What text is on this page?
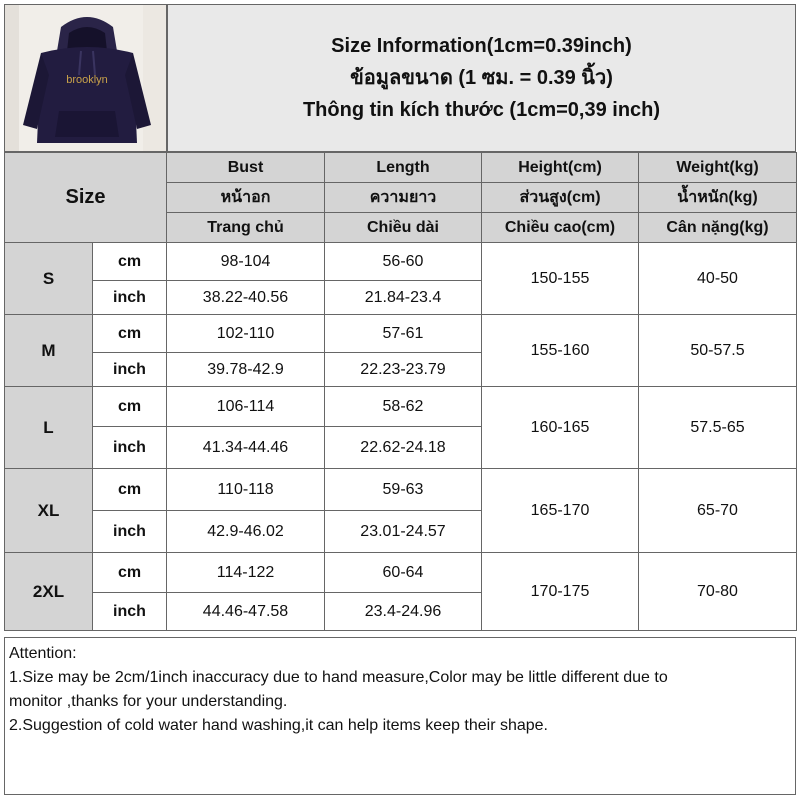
brooklyn
Size Information(1cm=0.39inch)
ข้อมูลขนาด (1 ซม. = 0.39 นิ้ว)
Thông tin kích thước (1cm=0,39 inch)
Size		Bust	Length	Height(cm)	Weight(kg)
		หน้าอก	ความยาว	ส่วนสูง(cm)	น้ำหนัก(kg)
		Trang chủ	Chiều dài	Chiều cao(cm)	Cân nặng(kg)
S	cm	98-104	56-60	150-155	40-50
	inch	38.22-40.56	21.84-23.4		
M	cm	102-110	57-61	155-160	50-57.5
	inch	39.78-42.9	22.23-23.79		
L	cm	106-114	58-62	160-165	57.5-65
	inch	41.34-44.46	22.62-24.18		
XL	cm	110-118	59-63	165-170	65-70
	inch	42.9-46.02	23.01-24.57		
2XL	cm	114-122	60-64	170-175	70-80
	inch	44.46-47.58	23.4-24.96		

Attention:

1.Size may be 2cm/1inch inaccuracy due to hand measure,Color may be little different due to

monitor ,thanks for your understanding.

2.Suggestion of cold water hand washing,it can help items keep their shape.
